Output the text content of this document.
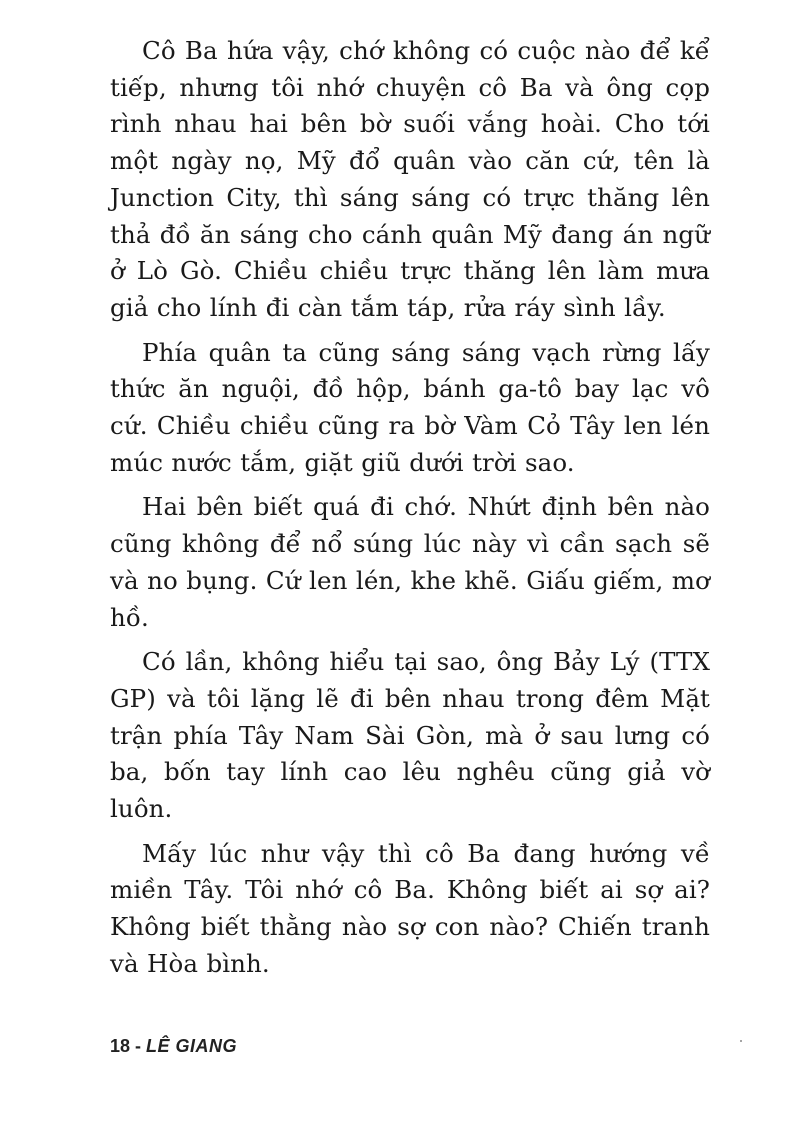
Cô Ba hứa vậy, chớ không có cuộc nào để kể tiếp, nhưng tôi nhớ chuyện cô Ba và ông cọp rình nhau hai bên bờ suối vắng hoài. Cho tới một ngày nọ, Mỹ đổ quân vào căn cứ, tên là Junction City, thì sáng sáng có trực thăng lên thả đồ ăn sáng cho cánh quân Mỹ đang án ngữ ở Lò Gò. Chiều chiều trực thăng lên làm mưa giả cho lính đi càn tắm táp, rửa ráy sình lầy.

Phía quân ta cũng sáng sáng vạch rừng lấy thức ăn nguội, đồ hộp, bánh ga-tô bay lạc vô cứ. Chiều chiều cũng ra bờ Vàm Cỏ Tây len lén múc nước tắm, giặt giũ dưới trời sao.

Hai bên biết quá đi chớ. Nhứt định bên nào cũng không để nổ súng lúc này vì cần sạch sẽ và no bụng. Cứ len lén, khe khẽ. Giấu giếm, mơ hồ.

Có lần, không hiểu tại sao, ông Bảy Lý (TTX GP) và tôi lặng lẽ đi bên nhau trong đêm Mặt trận phía Tây Nam Sài Gòn, mà ở sau lưng có ba, bốn tay lính cao lêu nghêu cũng giả vờ luôn.

Mấy lúc như vậy thì cô Ba đang hướng về miền Tây. Tôi nhớ cô Ba. Không biết ai sợ ai? Không biết thằng nào sợ con nào? Chiến tranh và Hòa bình.

18 - LÊ GIANG
